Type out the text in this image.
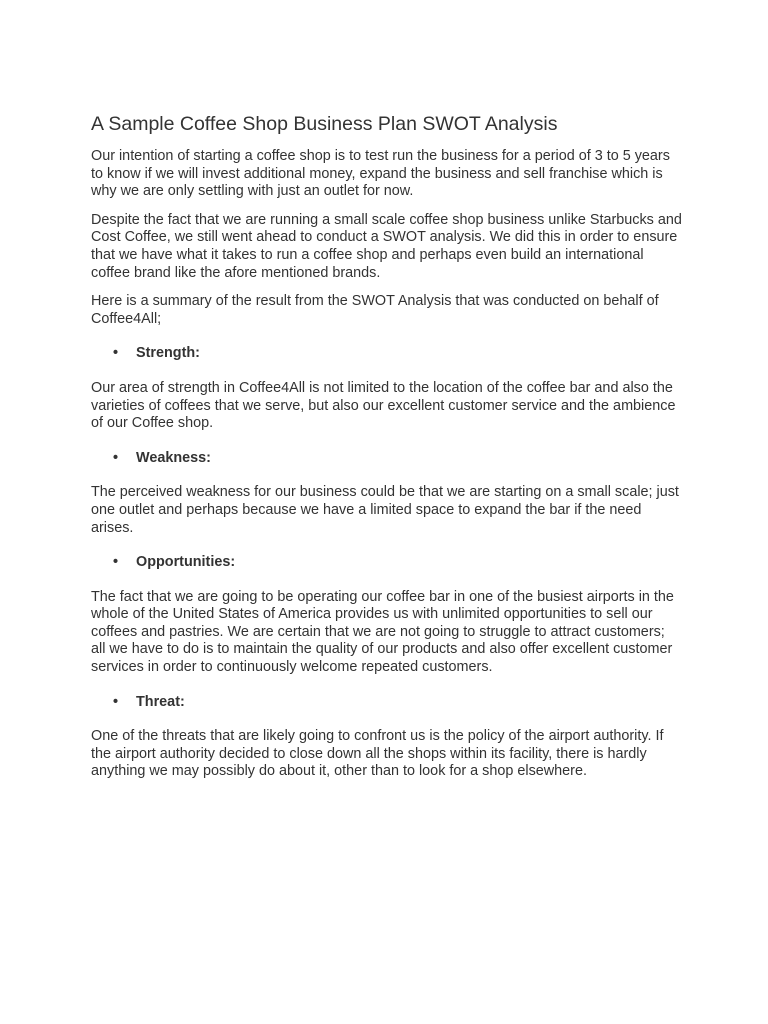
A Sample Coffee Shop Business Plan SWOT Analysis

Our intention of starting a coffee shop is to test run the business for a period of 3 to 5 years to know if we will invest additional money, expand the business and sell franchise which is why we are only settling with just an outlet for now.

Despite the fact that we are running a small scale coffee shop business unlike Starbucks and Cost Coffee, we still went ahead to conduct a SWOT analysis. We did this in order to ensure that we have what it takes to run a coffee shop and perhaps even build an international coffee brand like the afore mentioned brands.

Here is a summary of the result from the SWOT Analysis that was conducted on behalf of Coffee4All;

• Strength:

Our area of strength in Coffee4All is not limited to the location of the coffee bar and also the varieties of coffees that we serve, but also our excellent customer service and the ambience of our Coffee shop.

• Weakness:

The perceived weakness for our business could be that we are starting on a small scale; just one outlet and perhaps because we have a limited space to expand the bar if the need arises.

• Opportunities:

The fact that we are going to be operating our coffee bar in one of the busiest airports in the whole of the United States of America provides us with unlimited opportunities to sell our coffees and pastries. We are certain that we are not going to struggle to attract customers; all we have to do is to maintain the quality of our products and also offer excellent customer services in order to continuously welcome repeated customers.

• Threat:

One of the threats that are likely going to confront us is the policy of the airport authority. If the airport authority decided to close down all the shops within its facility, there is hardly anything we may possibly do about it, other than to look for a shop elsewhere.
